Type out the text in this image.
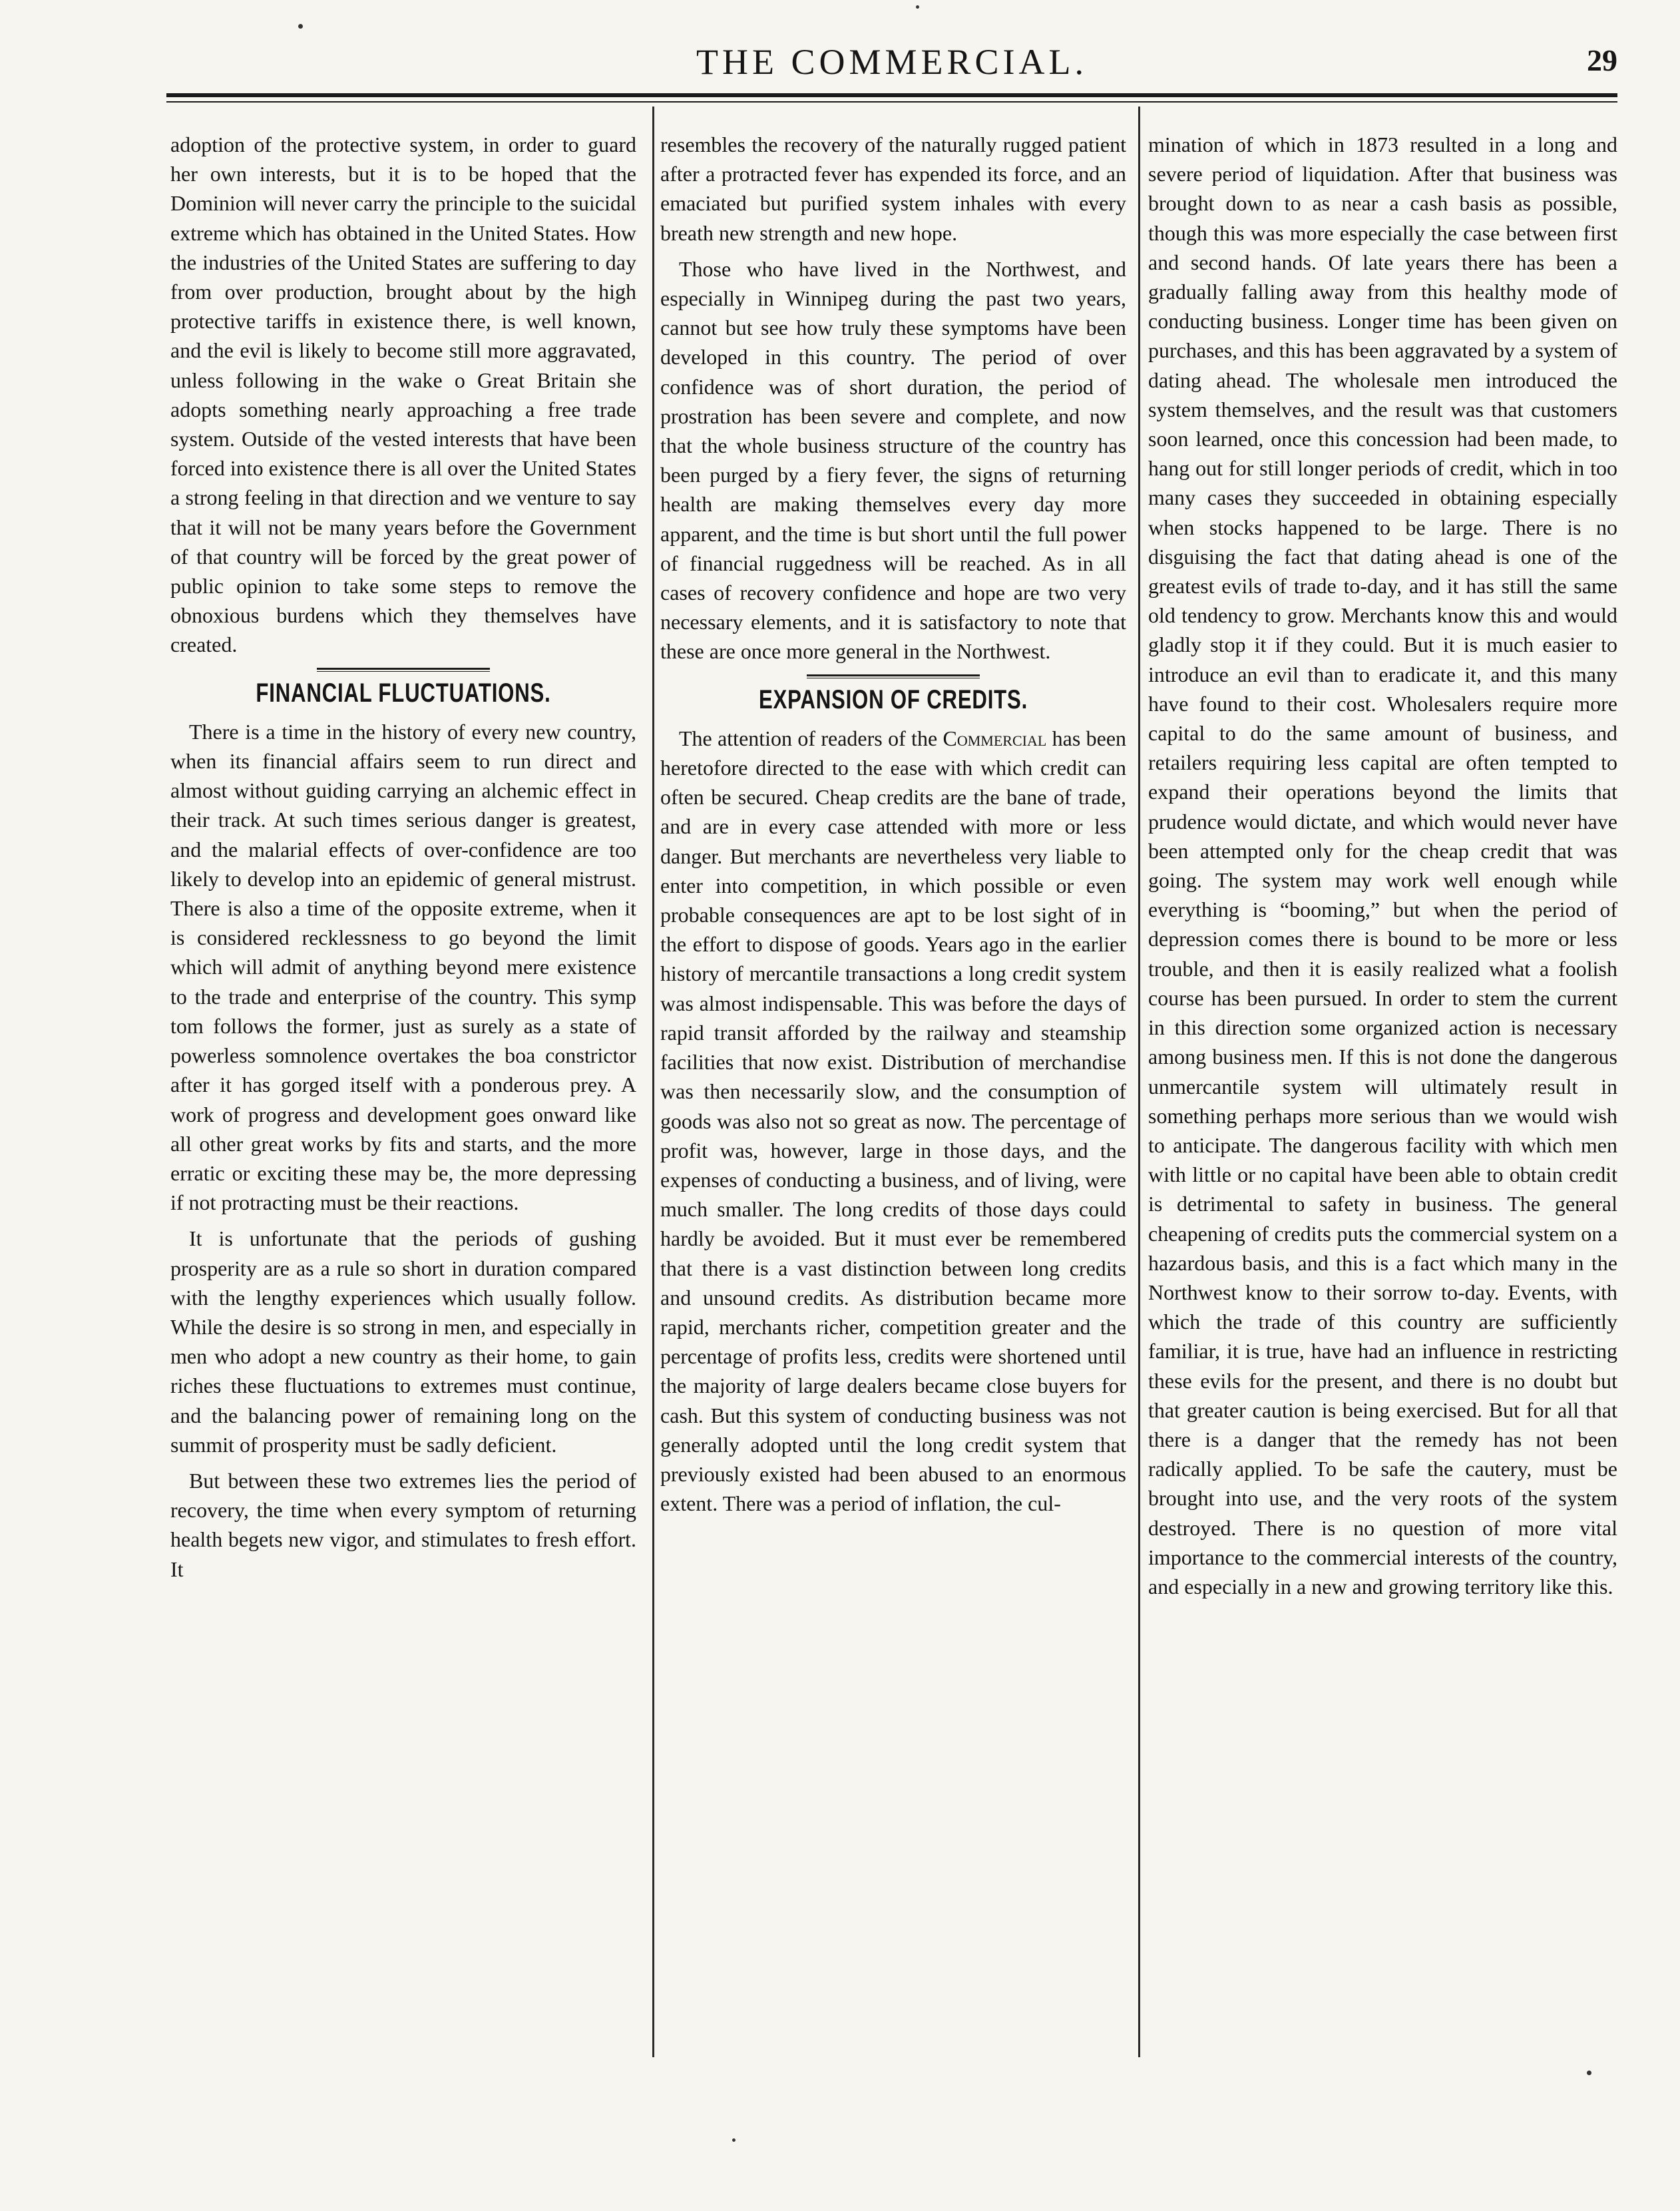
THE COMMERCIAL.	29

adoption of the protective system, in order to guard her own interests, but it is to be hoped that the Dominion will never carry the principle to the suicidal extreme which has obtained in the United States. How the industries of the United States are suffering to day from over production, brought about by the high protective tariffs in existence there, is well known, and the evil is likely to become still more aggravated, unless following in the wake o Great Britain she adopts something nearly approaching a free trade system. Outside of the vested interests that have been forced into existence there is all over the United States a strong feeling in that direction and we venture to say that it will not be many years before the Government of that country will be forced by the great power of public opinion to take some steps to remove the obnoxious burdens which they themselves have created.

FINANCIAL FLUCTUATIONS.

There is a time in the history of every new country, when its financial affairs seem to run direct and almost without guiding carrying an alchemic effect in their track. At such times serious danger is greatest, and the malarial effects of over-confidence are too likely to develop into an epidemic of general mistrust. There is also a time of the opposite extreme, when it is considered recklessness to go beyond the limit which will admit of anything beyond mere existence to the trade and enterprise of the country. This symp tom follows the former, just as surely as a state of powerless somnolence overtakes the boa constrictor after it has gorged itself with a ponderous prey. A work of progress and development goes onward like all other great works by fits and starts, and the more erratic or exciting these may be, the more depressing if not protracting must be their reactions.

It is unfortunate that the periods of gushing prosperity are as a rule so short in duration compared with the lengthy experiences which usually follow. While the desire is so strong in men, and especially in men who adopt a new country as their home, to gain riches these fluctuations to extremes must continue, and the balancing power of remaining long on the summit of prosperity must be sadly deficient.

But between these two extremes lies the period of recovery, the time when every symptom of returning health begets new vigor, and stimulates to fresh effort. It

resembles the recovery of the naturally rugged patient after a protracted fever has expended its force, and an emaciated but purified system inhales with every breath new strength and new hope.

Those who have lived in the Northwest, and especially in Winnipeg during the past two years, cannot but see how truly these symptoms have been developed in this country. The period of over confidence was of short duration, the period of prostration has been severe and complete, and now that the whole business structure of the country has been purged by a fiery fever, the signs of returning health are making themselves every day more apparent, and the time is but short until the full power of financial ruggedness will be reached. As in all cases of recovery confidence and hope are two very necessary elements, and it is satisfactory to note that these are once more general in the Northwest.

EXPANSION OF CREDITS.

The attention of readers of the Commercial has been heretofore directed to the ease with which credit can often be secured. Cheap credits are the bane of trade, and are in every case attended with more or less danger. But merchants are nevertheless very liable to enter into competition, in which possible or even probable consequences are apt to be lost sight of in the effort to dispose of goods. Years ago in the earlier history of mercantile transactions a long credit system was almost indispensable. This was before the days of rapid transit afforded by the railway and steamship facilities that now exist. Distribution of merchandise was then necessarily slow, and the consumption of goods was also not so great as now. The percentage of profit was, however, large in those days, and the expenses of conducting a business, and of living, were much smaller. The long credits of those days could hardly be avoided. But it must ever be remembered that there is a vast distinction between long credits and unsound credits. As distribution became more rapid, merchants richer, competition greater and the percentage of profits less, credits were shortened until the majority of large dealers became close buyers for cash. But this system of conducting business was not generally adopted until the long credit system that previously existed had been abused to an enormous extent. There was a period of inflation, the cul-

mination of which in 1873 resulted in a long and severe period of liquidation. After that business was brought down to as near a cash basis as possible, though this was more especially the case between first and second hands. Of late years there has been a gradually falling away from this healthy mode of conducting business. Longer time has been given on purchases, and this has been aggravated by a system of dating ahead. The wholesale men introduced the system themselves, and the result was that customers soon learned, once this concession had been made, to hang out for still longer periods of credit, which in too many cases they succeeded in obtaining especially when stocks happened to be large. There is no disguising the fact that dating ahead is one of the greatest evils of trade to-day, and it has still the same old tendency to grow. Merchants know this and would gladly stop it if they could. But it is much easier to introduce an evil than to eradicate it, and this many have found to their cost. Wholesalers require more capital to do the same amount of business, and retailers requiring less capital are often tempted to expand their operations beyond the limits that prudence would dictate, and which would never have been attempted only for the cheap credit that was going. The system may work well enough while everything is “booming,” but when the period of depression comes there is bound to be more or less trouble, and then it is easily realized what a foolish course has been pursued. In order to stem the current in this direction some organized action is necessary among business men. If this is not done the dangerous unmercantile system will ultimately result in something perhaps more serious than we would wish to anticipate. The dangerous facility with which men with little or no capital have been able to obtain credit is detrimental to safety in business. The general cheapening of credits puts the commercial system on a hazardous basis, and this is a fact which many in the Northwest know to their sorrow to-day. Events, with which the trade of this country are sufficiently familiar, it is true, have had an influence in restricting these evils for the present, and there is no doubt but that greater caution is being exercised. But for all that there is a danger that the remedy has not been radically applied. To be safe the cautery, must be brought into use, and the very roots of the system destroyed. There is no question of more vital importance to the commercial interests of the country, and especially in a new and growing territory like this.
